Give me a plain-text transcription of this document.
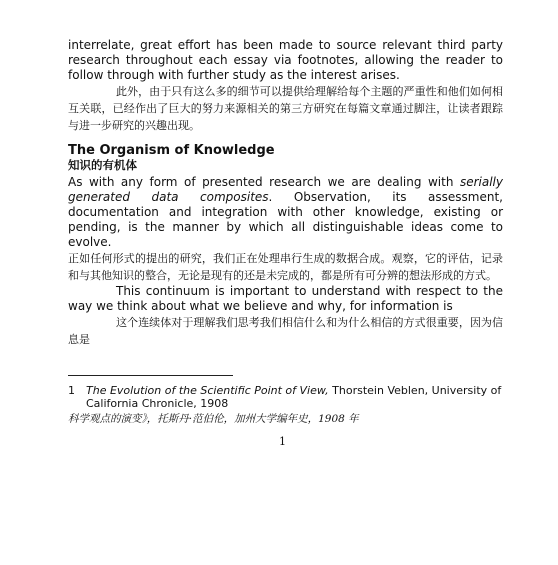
interrelate, great effort has been made to source relevant third party research throughout each essay via footnotes, allowing the reader to follow through with further study as the interest arises.

此外，由于只有这么多的细节可以提供给理解给每个主题的严重性和他们如何相互关联，已经作出了巨大的努力来源相关的第三方研究在每篇文章通过脚注，让读者跟踪与进一步研究的兴趣出现。

The Organism of Knowledge

知识的有机体

As with any form of presented research we are dealing with serially generated data composites. Observation, its assessment, documentation and integration with other knowledge, existing or pending, is the manner by which all distinguishable ideas come to evolve.

正如任何形式的提出的研究，我们正在处理串行生成的数据合成。观察，它的评估，记录和与其他知识的整合，无论是现有的还是未完成的，都是所有可分辨的想法形成的方式。

This continuum is important to understand with respect to the way we think about what we believe and why, for information is

这个连续体对于理解我们思考我们相信什么和为什么相信的方式很重要，因为信息是

1 The Evolution of the Scientific Point of View, Thorstein Veblen, University of California Chronicle, 1908
科学观点的演变》，托斯丹·范伯伦，加州大学编年史，1908 年
1
